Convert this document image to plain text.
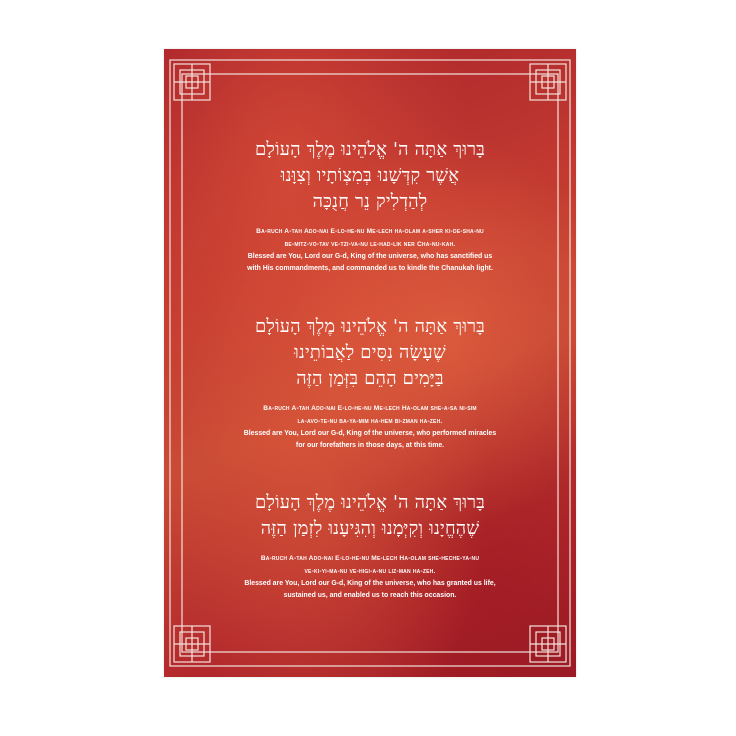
בָּרוּךְ אַתָּה ה' אֱלֹהֵינוּ מֶלֶךְ הָעוֹלָם
אֲשֶׁר קִדְּשָׁנוּ בְּמִצְוֹתָיו וְצִוָּנוּ
לְהַדְלִיק נֵר חֲנֻכָּה
Ba-ruch A-tah Ado-nai E-lo-he-nu Me-lech ha-olam a-sher ki-de-sha-nu
be-mitz-vo-tav ve-tzi-va-nu le-had-lik ner Cha-nu-kah.
Blessed are You, Lord our G-d, King of the universe, who has sanctified us
with His commandments, and commanded us to kindle the Chanukah light.
בָּרוּךְ אַתָּה ה' אֱלֹהֵינוּ מֶלֶךְ הָעוֹלָם
שֶׁעָשָׂה נִסִּים לַאֲבוֹתֵינוּ
בַּיָּמִים הָהֵם בִּזְּמַן הַזֶּה
Ba-ruch A-tah Ado-nai E-lo-he-nu Me-lech Ha-olam she-a-sa ni-sim
la-avo-te-nu ba-ya-mim ha-hem bi-zman ha-zeh.
Blessed are You, Lord our G-d, King of the universe, who performed miracles
for our forefathers in those days, at this time.
בָּרוּךְ אַתָּה ה' אֱלֹהֵינוּ מֶלֶךְ הָעוֹלָם
שֶׁהֶחֱיָנוּ וְקִיְּמָנוּ וְהִגִּיעָנוּ לִזְמַן הַזֶּה
Ba-ruch A-tah Ado-nai E-lo-he-nu Me-lech Ha-olam she-heche-ya-nu
ve-ki-yi-ma-nu ve-higi-a-nu liz-man ha-zeh.
Blessed are You, Lord our G-d, King of the universe, who has granted us life,
sustained us, and enabled us to reach this occasion.
